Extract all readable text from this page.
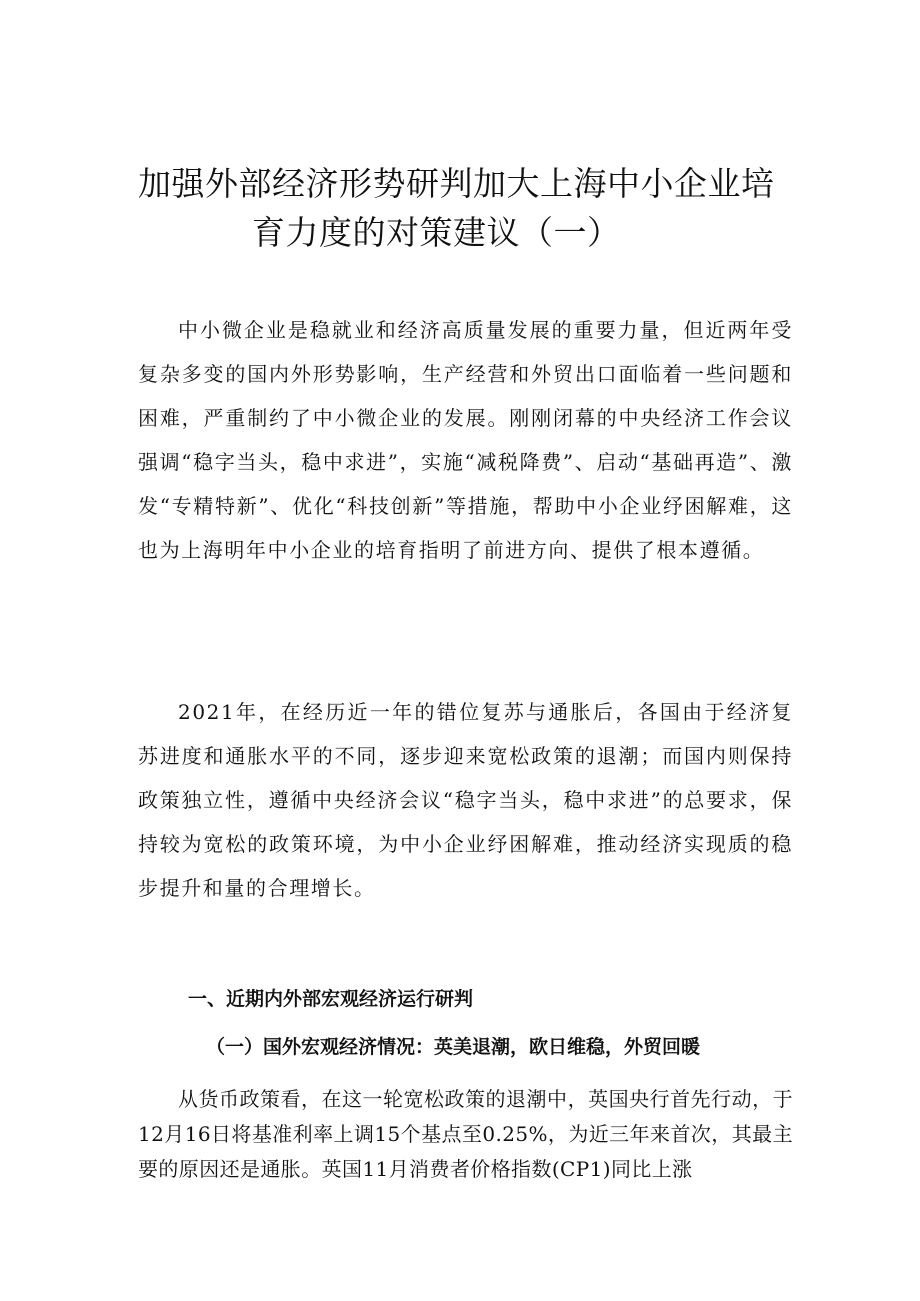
加强外部经济形势研判加大上海中小企业培
育力度的对策建议（一）

中小微企业是稳就业和经济高质量发展的重要力量，但近两年受复杂多变的国内外形势影响，生产经营和外贸出口面临着一些问题和困难，严重制约了中小微企业的发展。刚刚闭幕的中央经济工作会议强调“稳字当头，稳中求进”，实施“减税降费”、启动“基础再造”、激发“专精特新”、优化“科技创新”等措施，帮助中小企业纾困解难，这也为上海明年中小企业的培育指明了前进方向、提供了根本遵循。

2021年，在经历近一年的错位复苏与通胀后，各国由于经济复苏进度和通胀水平的不同，逐步迎来宽松政策的退潮；而国内则保持政策独立性，遵循中央经济会议“稳字当头，稳中求进”的总要求，保持较为宽松的政策环境，为中小企业纾困解难，推动经济实现质的稳步提升和量的合理增长。

一、近期内外部宏观经济运行研判
（一）国外宏观经济情况：英美退潮，欧日维稳，外贸回暖

从货币政策看，在这一轮宽松政策的退潮中，英国央行首先行动，于12月16日将基准利率上调15个基点至0.25%，为近三年来首次，其最主要的原因还是通胀。英国11月消费者价格指数(CP1)同比上涨
